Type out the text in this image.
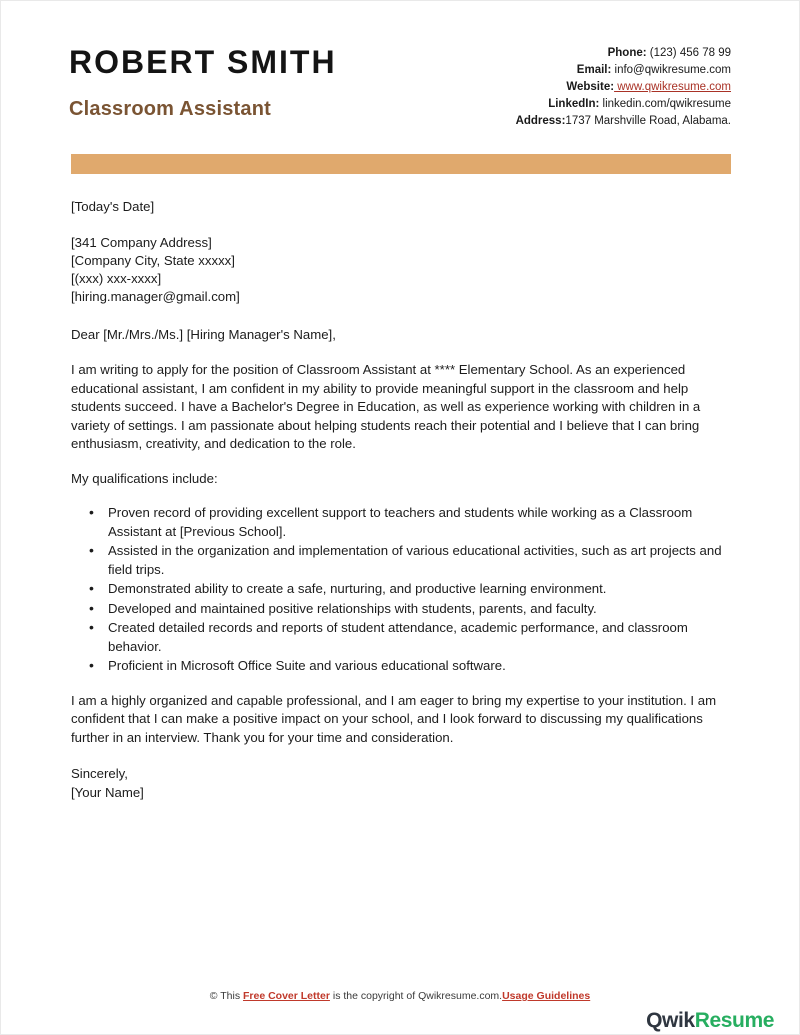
ROBERT SMITH
Classroom Assistant
Phone: (123) 456 78 99
Email: info@qwikresume.com
Website: www.qwikresume.com
LinkedIn: linkedin.com/qwikresume
Address:1737 Marshville Road, Alabama.
[Today's Date]
[341 Company Address]
[Company City, State xxxxx]
[(xxx) xxx-xxxx]
[hiring.manager@gmail.com]
Dear [Mr./Mrs./Ms.] [Hiring Manager's Name],

I am writing to apply for the position of Classroom Assistant at **** Elementary School. As an experienced educational assistant, I am confident in my ability to provide meaningful support in the classroom and help students succeed. I have a Bachelor's Degree in Education, as well as experience working with children in a variety of settings. I am passionate about helping students reach their potential and I believe that I can bring enthusiasm, creativity, and dedication to the role.

My qualifications include:

• Proven record of providing excellent support to teachers and students while working as a Classroom Assistant at [Previous School].
• Assisted in the organization and implementation of various educational activities, such as art projects and field trips.
• Demonstrated ability to create a safe, nurturing, and productive learning environment.
• Developed and maintained positive relationships with students, parents, and faculty.
• Created detailed records and reports of student attendance, academic performance, and classroom behavior.
• Proficient in Microsoft Office Suite and various educational software.

I am a highly organized and capable professional, and I am eager to bring my expertise to your institution. I am confident that I can make a positive impact on your school, and I look forward to discussing my qualifications further in an interview. Thank you for your time and consideration.

Sincerely,
[Your Name]
© This Free Cover Letter is the copyright of Qwikresume.com.Usage Guidelines
QwikResume
